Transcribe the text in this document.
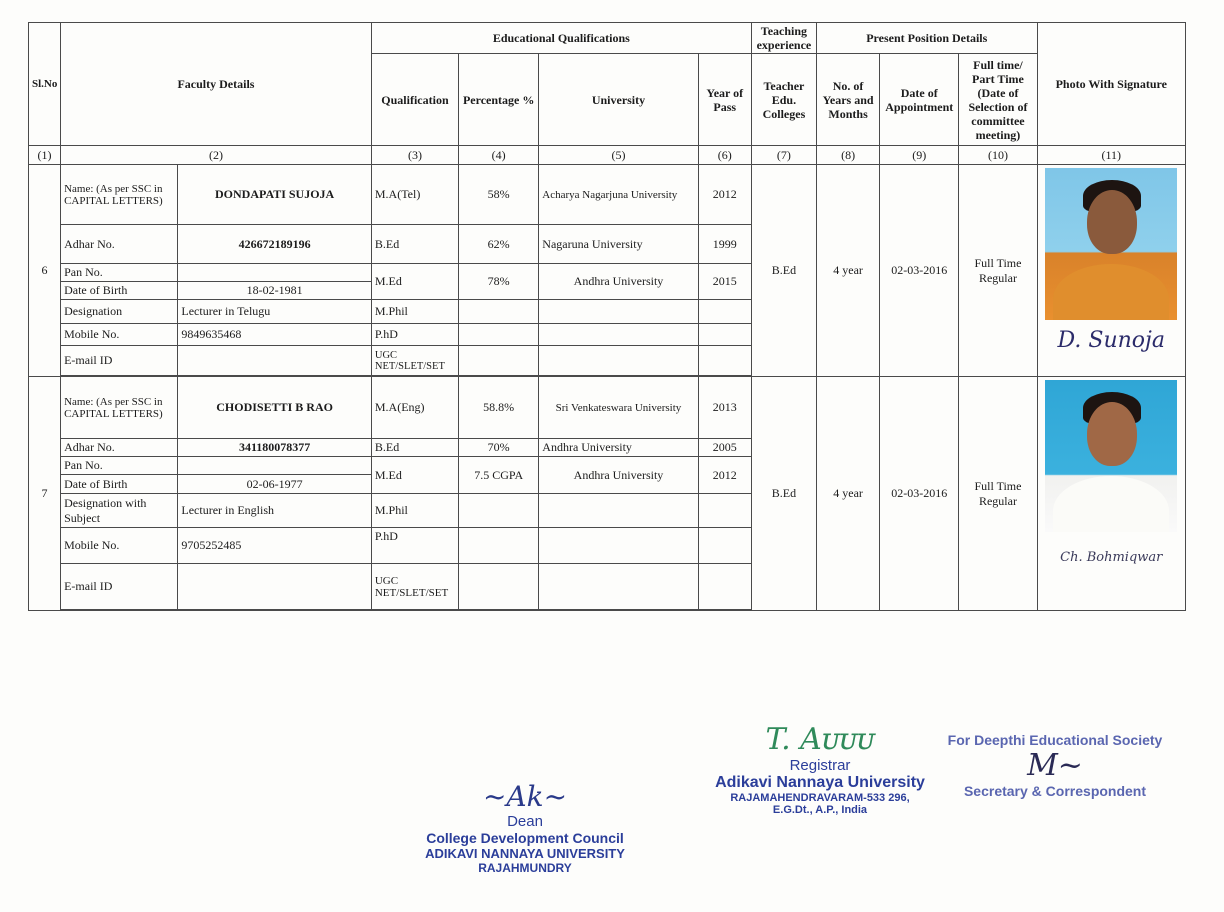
Sl.No	Faculty Details		Educational Qualifications				Teaching experience	Present Position Details			Photo With Signature
			Qualification	Percentage %	University	Year of Pass	Teacher Edu. Colleges	No. of Years and Months	Date of Appointment	Full time/ Part Time (Date of Selection of committee meeting)	
(1)	(2)		(3)	(4)	(5)	(6)	(7)	(8)	(9)	(10)	(11)
6	Name: (As per SSC in CAPITAL LETTERS)	DONDAPATI SUJOJA	M.A(Tel)	58%	Acharya Nagarjuna University	2012	B.Ed	4 year	02-03-2016	Full Time Regular	D. Sunoja

	Adhar No.	426672189196	B.Ed	62%	Nagaruna University	1999					
	Pan No.		M.Ed	78%	Andhra University	2015					
	Date of Birth	18-02-1981									
	Designation	Lecturer in Telugu	M.Phil								
	Mobile No.	9849635468	P.hD								
	E-mail ID		UGC NET/SLET/SET								

7	Name: (As per SSC in CAPITAL LETTERS)	CHODISETTI B RAO	M.A(Eng)	58.8%	Sri Venkateswara University	2013	B.Ed	4 year	02-03-2016	Full Time Regular	Ch. Bohmiqwar

	Adhar No.	341180078377	B.Ed	70%	Andhra University	2005					
	Pan No.		M.Ed	7.5 CGPA	Andhra University	2012					
	Date of Birth	02-06-1977									
	Designation with Subject	Lecturer in English	M.Phil								
	Mobile No.	9705252485	P.hD								
	E-mail ID		UGC NET/SLET/SET								

~Ak~
Dean
College Development Council
ADIKAVI NANNAYA UNIVERSITY
RAJAHMUNDRY
T. Aᴜᴜᴜ
Registrar
Adikavi Nannaya University
RAJAMAHENDRAVARAM-533 296,
E.G.Dt., A.P., India
For Deepthi Educational Society
M~
Secretary & Correspondent
